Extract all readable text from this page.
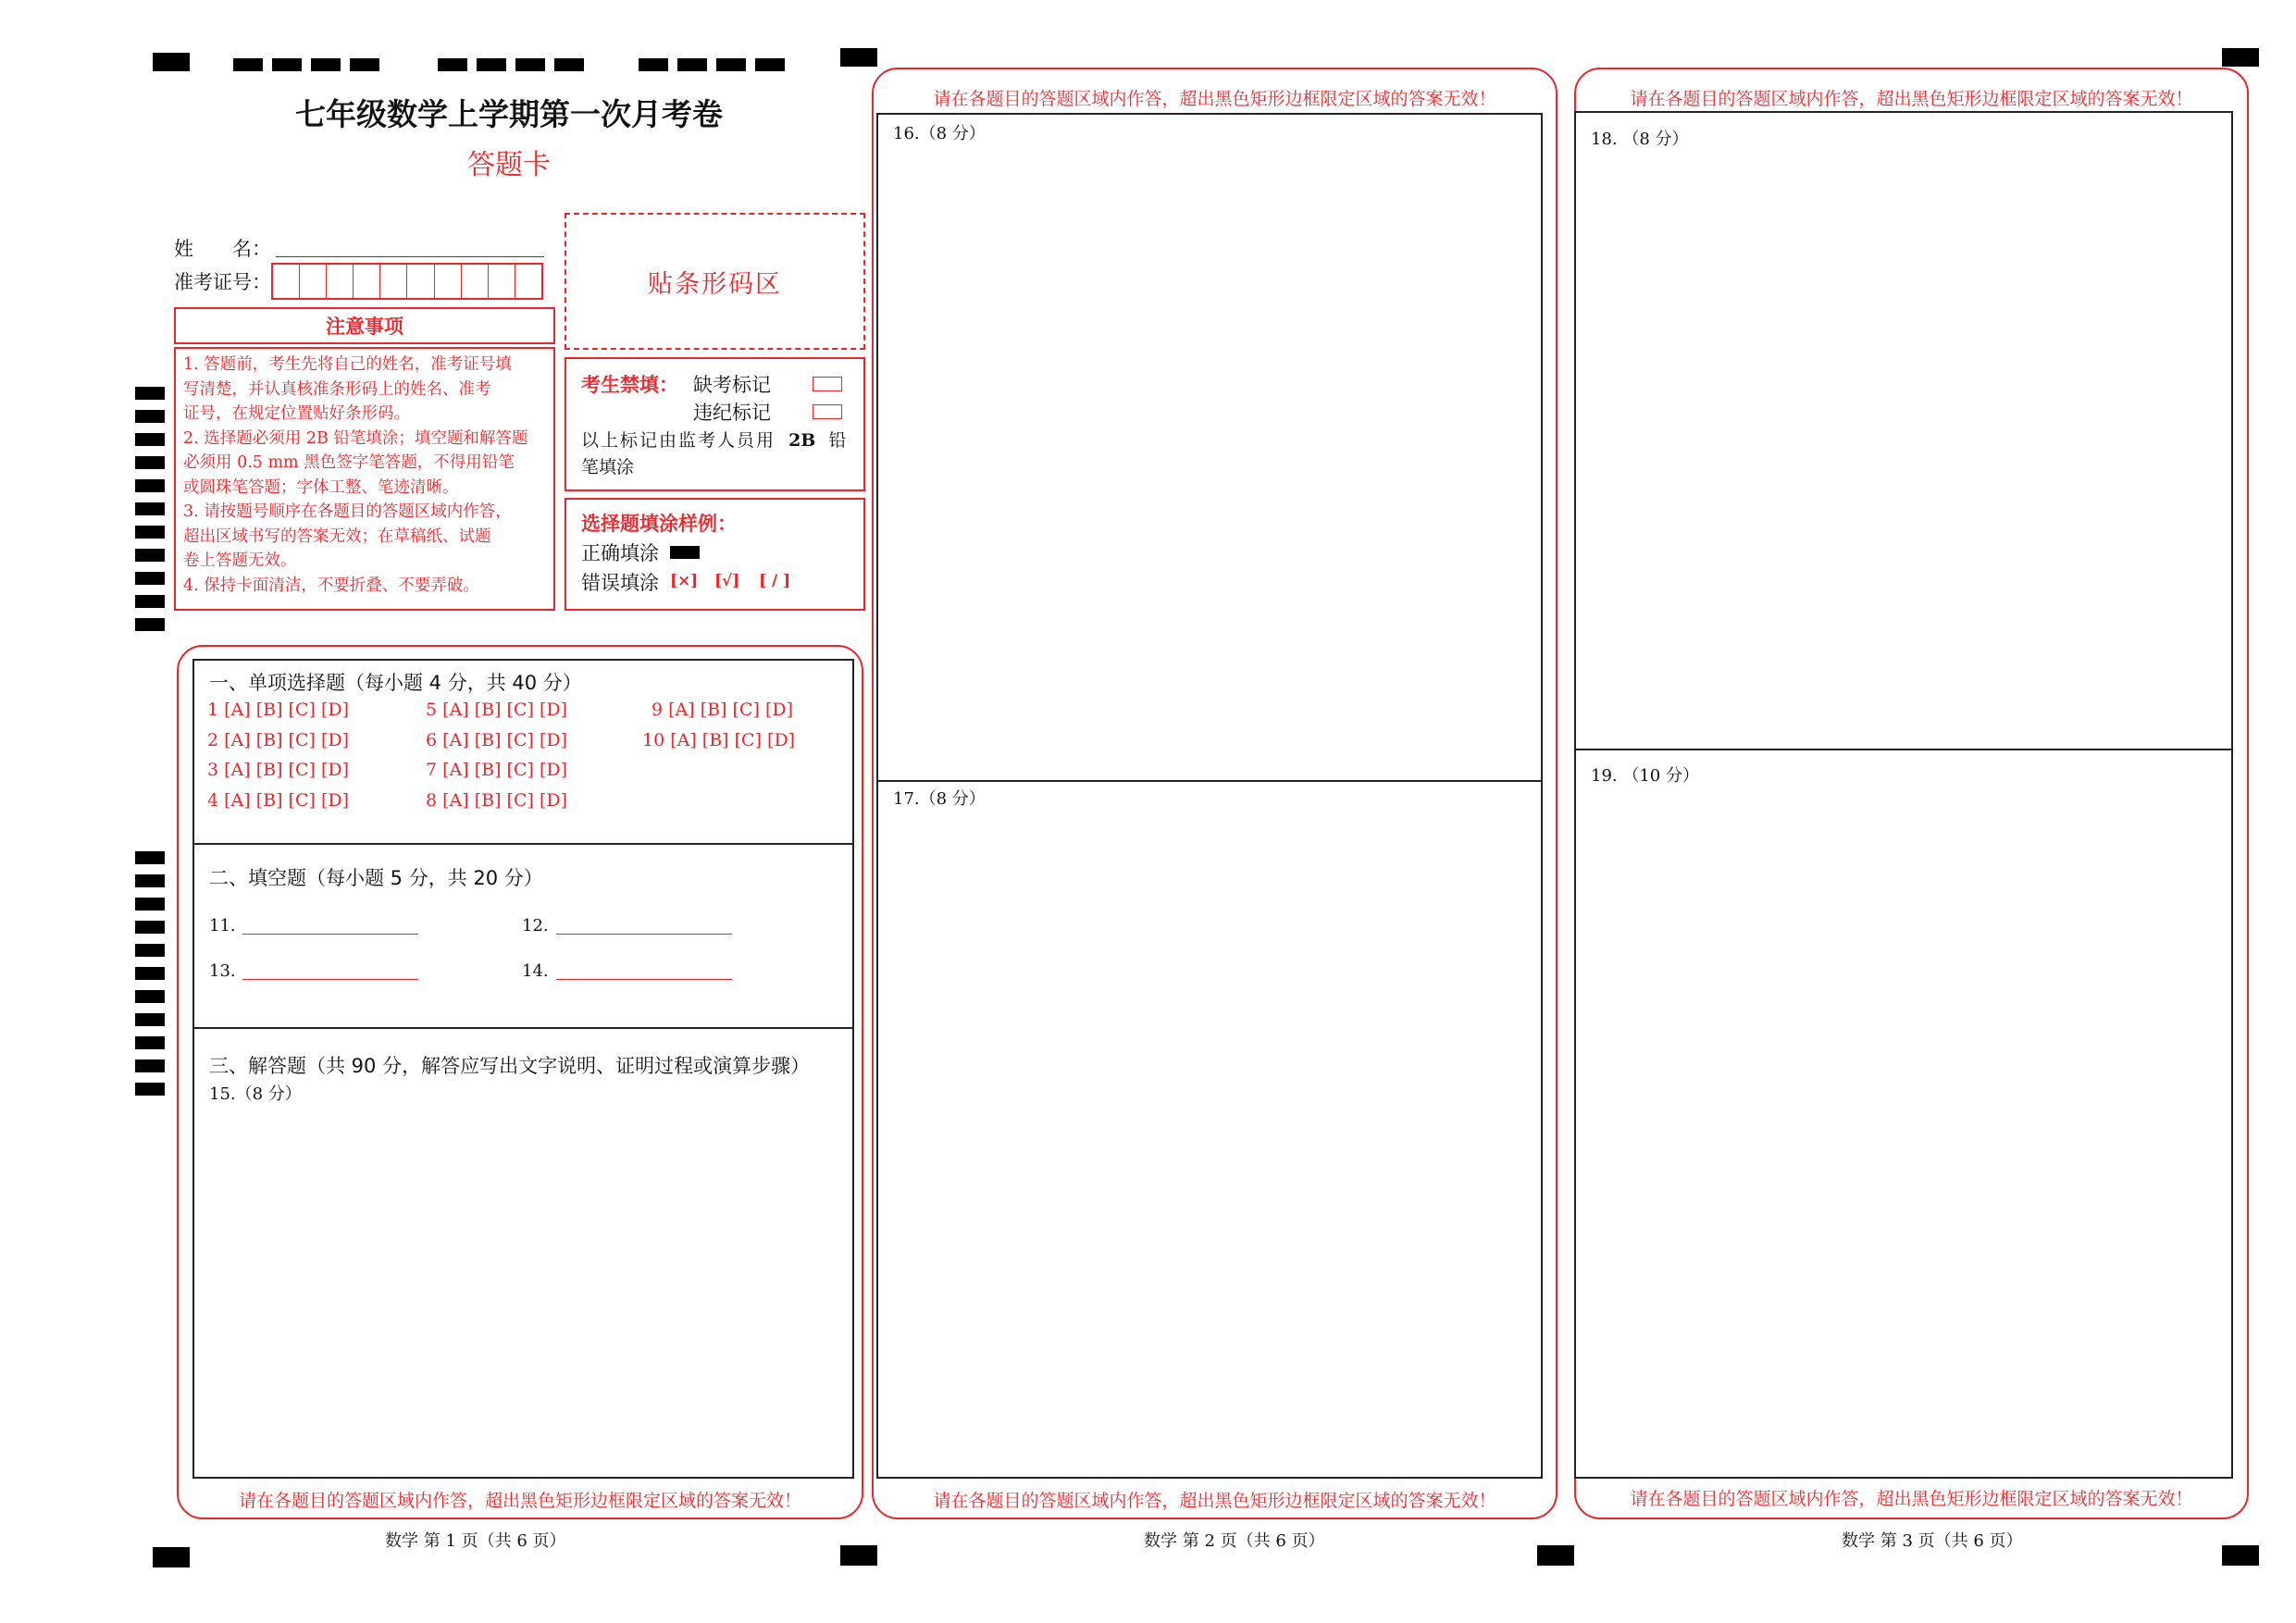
七年级数学上学期第一次月考卷
答题卡
姓　　名：
准考证号：	贴条形码区
注意事项
1. 答题前，考生先将自己的姓名，准考证号填
写清楚，并认真核准条形码上的姓名、准考
证号，在规定位置贴好条形码。
2. 选择题必须用 2B 铅笔填涂；填空题和解答题
必须用 0.5 mm 黑色签字笔答题，不得用铅笔
或圆珠笔答题；字体工整、笔迹清晰。
3. 请按题号顺序在各题目的答题区域内作答，
超出区域书写的答案无效；在草稿纸、试题
卷上答题无效。
4. 保持卡面清洁，不要折叠、不要弄破。
考生禁填： 缺考标记
违纪标记
以上标记由监考人员用 2B 铅
笔填涂
选择题填涂样例：
正确填涂
错误填涂 [×] [√] [ / ]
请在各题目的答题区域内作答，超出黑色矩形边框限定区域的答案无效！
一、单项选择题（每小题 4 分，共 40 分）
1 [A] [B] [C] [D]
2 [A] [B] [C] [D]
3 [A] [B] [C] [D]
4 [A] [B] [C] [D]
5 [A] [B] [C] [D]
6 [A] [B] [C] [D]
7 [A] [B] [C] [D]
8 [A] [B] [C] [D]
9 [A] [B] [C] [D]
10 [A] [B] [C] [D]
二、填空题（每小题 5 分，共 20 分）
11.	12.
13.	14.
三、解答题（共 90 分，解答应写出文字说明、证明过程或演算步骤）
15.（8 分）
请在各题目的答题区域内作答，超出黑色矩形边框限定区域的答案无效！
请在各题目的答题区域内作答，超出黑色矩形边框限定区域的答案无效！
16.（8 分）
17.（8 分）
请在各题目的答题区域内作答，超出黑色矩形边框限定区域的答案无效！
请在各题目的答题区域内作答，超出黑色矩形边框限定区域的答案无效！
18. （8 分）
19. （10 分）
数学 第 1 页（共 6 页）	数学 第 2 页（共 6 页）	数学 第 3 页（共 6 页）
